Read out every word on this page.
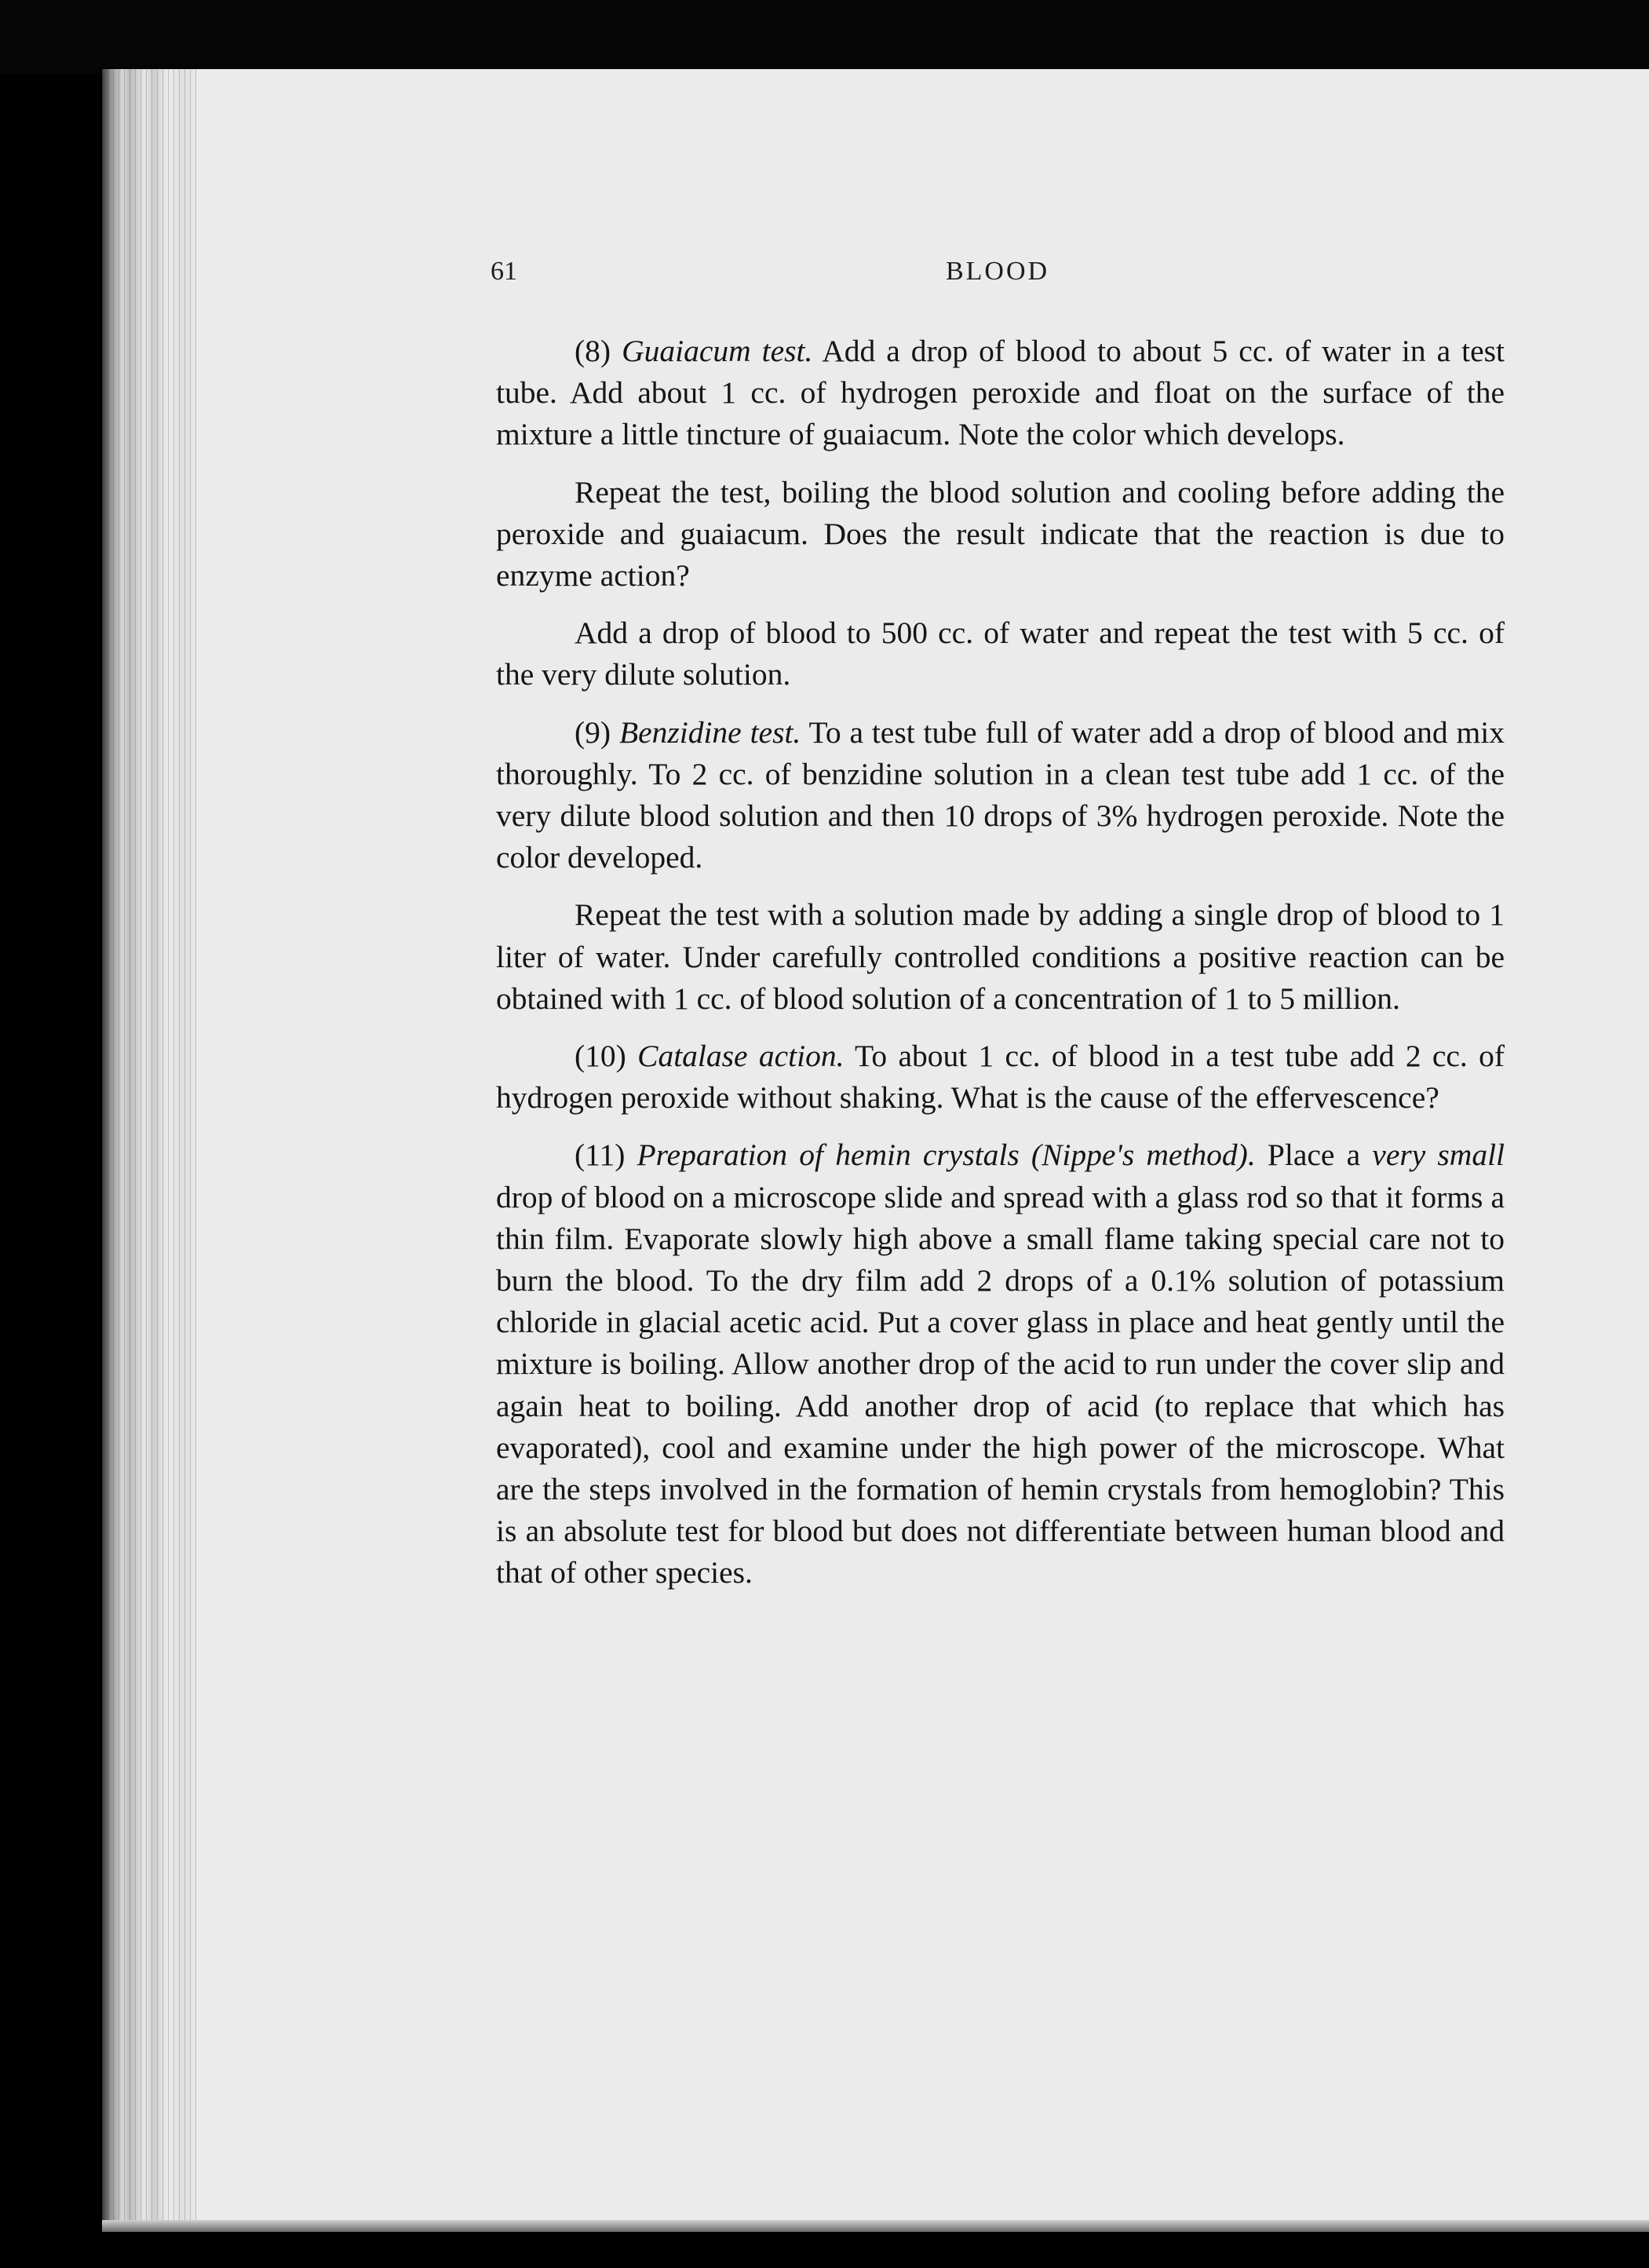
61	BLOOD

(8) Guaiacum test. Add a drop of blood to about 5 cc. of water in a test tube. Add about 1 cc. of hydrogen peroxide and float on the surface of the mixture a little tincture of guaiacum. Note the color which develops.

Repeat the test, boiling the blood solution and cooling before adding the peroxide and guaiacum. Does the result indicate that the reaction is due to enzyme action?

Add a drop of blood to 500 cc. of water and repeat the test with 5 cc. of the very dilute solution.

(9) Benzidine test. To a test tube full of water add a drop of blood and mix thoroughly. To 2 cc. of benzidine solution in a clean test tube add 1 cc. of the very dilute blood solution and then 10 drops of 3% hydrogen peroxide. Note the color developed.

Repeat the test with a solution made by adding a single drop of blood to 1 liter of water. Under carefully controlled conditions a positive reaction can be obtained with 1 cc. of blood solution of a concentration of 1 to 5 million.

(10) Catalase action. To about 1 cc. of blood in a test tube add 2 cc. of hydrogen peroxide without shaking. What is the cause of the effervescence?

(11) Preparation of hemin crystals (Nippe's method). Place a very small drop of blood on a microscope slide and spread with a glass rod so that it forms a thin film. Evaporate slowly high above a small flame taking special care not to burn the blood. To the dry film add 2 drops of a 0.1% solution of potassium chloride in glacial acetic acid. Put a cover glass in place and heat gently until the mixture is boiling. Allow another drop of the acid to run under the cover slip and again heat to boiling. Add another drop of acid (to replace that which has evaporated), cool and examine under the high power of the microscope. What are the steps involved in the formation of hemin crystals from hemoglobin? This is an absolute test for blood but does not differentiate between human blood and that of other species.
